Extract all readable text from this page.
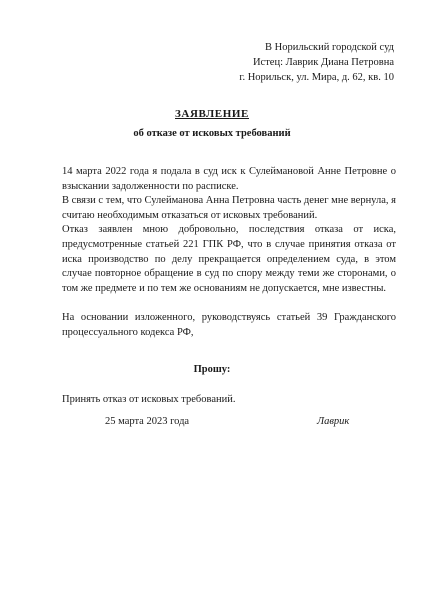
В Норильский городской суд
Истец: Лаврик Диана Петровна
г. Норильск, ул. Мира, д. 62, кв. 10
ЗАЯВЛЕНИЕ
об отказе от исковых требований

14 марта 2022 года я подала в суд иск к Сулеймановой Анне Петровне о взыскании задолженности по расписке.

В связи с тем, что Сулейманова Анна Петровна часть денег мне вернула, я считаю необходимым отказаться от исковых требований.

Отказ заявлен мною добровольно, последствия отказа от иска, предусмотренные статьей 221 ГПК РФ, что в случае принятия отказа от иска производство по делу прекращается определением суда, в этом случае повторное обращение в суд по спору между теми же сторонами, о том же предмете и по тем же основаниям не допускается, мне известны.

На основании изложенного, руководствуясь статьей 39 Гражданского процессуального кодекса РФ,

Прошу:
Принять отказ от исковых требований.
25 марта 2023 года	Лаврик
